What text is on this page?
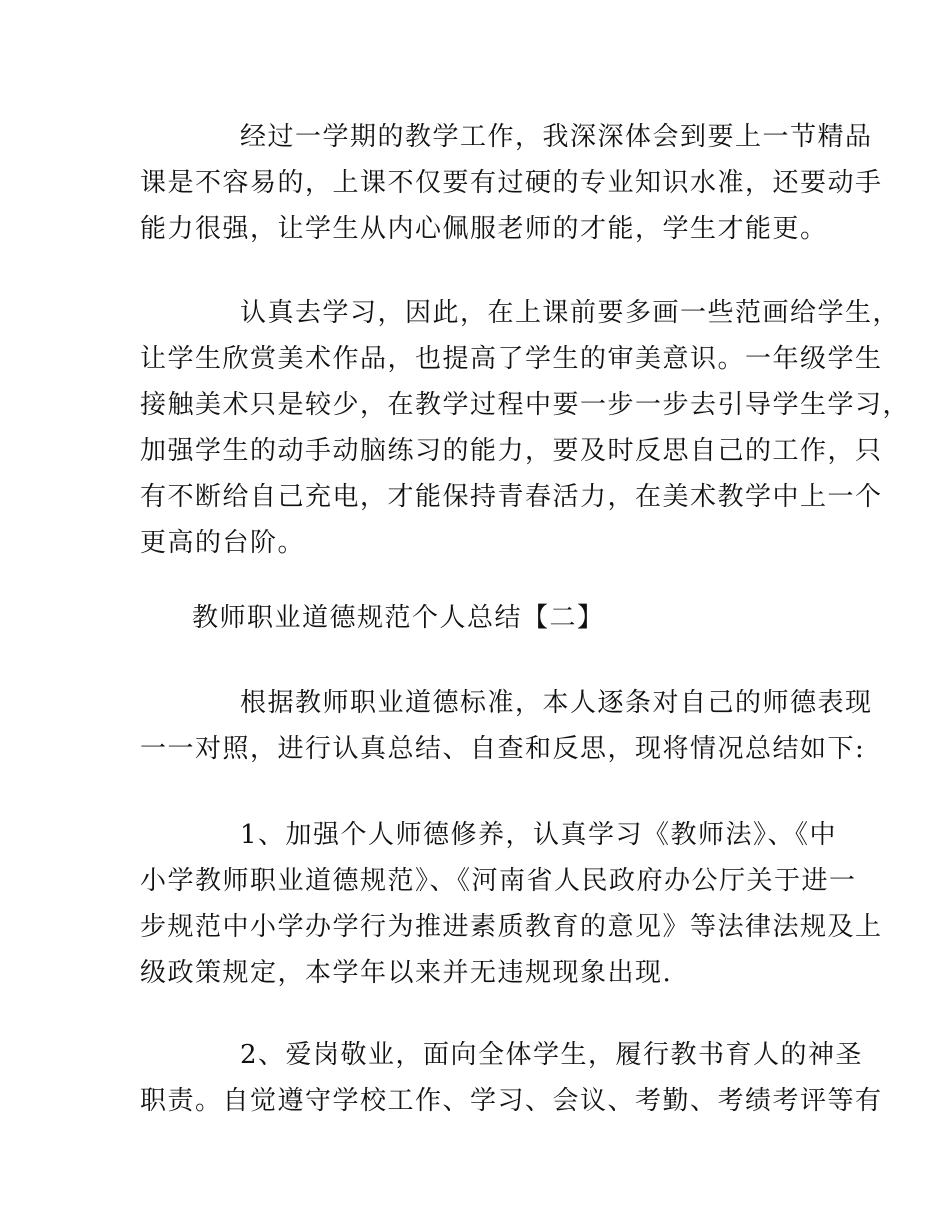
经过一学期的教学工作，我深深体会到要上一节精品
课是不容易的，上课不仅要有过硬的专业知识水准，还要动手
能力很强，让学生从内心佩服老师的才能，学生才能更。
认真去学习，因此，在上课前要多画一些范画给学生，
让学生欣赏美术作品，也提高了学生的审美意识。一年级学生
接触美术只是较少，在教学过程中要一步一步去引导学生学习，
加强学生的动手动脑练习的能力，要及时反思自己的工作，只
有不断给自己充电，才能保持青春活力，在美术教学中上一个
更高的台阶。
教师职业道德规范个人总结【二】
根据教师职业道德标准，本人逐条对自己的师德表现
一一对照，进行认真总结、自查和反思，现将情况总结如下:
1、加强个人师德修养，认真学习《教师法》、《中
小学教师职业道德规范》、《河南省人民政府办公厅关于进一
步规范中小学办学行为推进素质教育的意见》等法律法规及上
级政策规定，本学年以来并无违规现象出现.
2、爱岗敬业，面向全体学生，履行教书育人的神圣
职责。自觉遵守学校工作、学习、会议、考勤、考绩考评等有
